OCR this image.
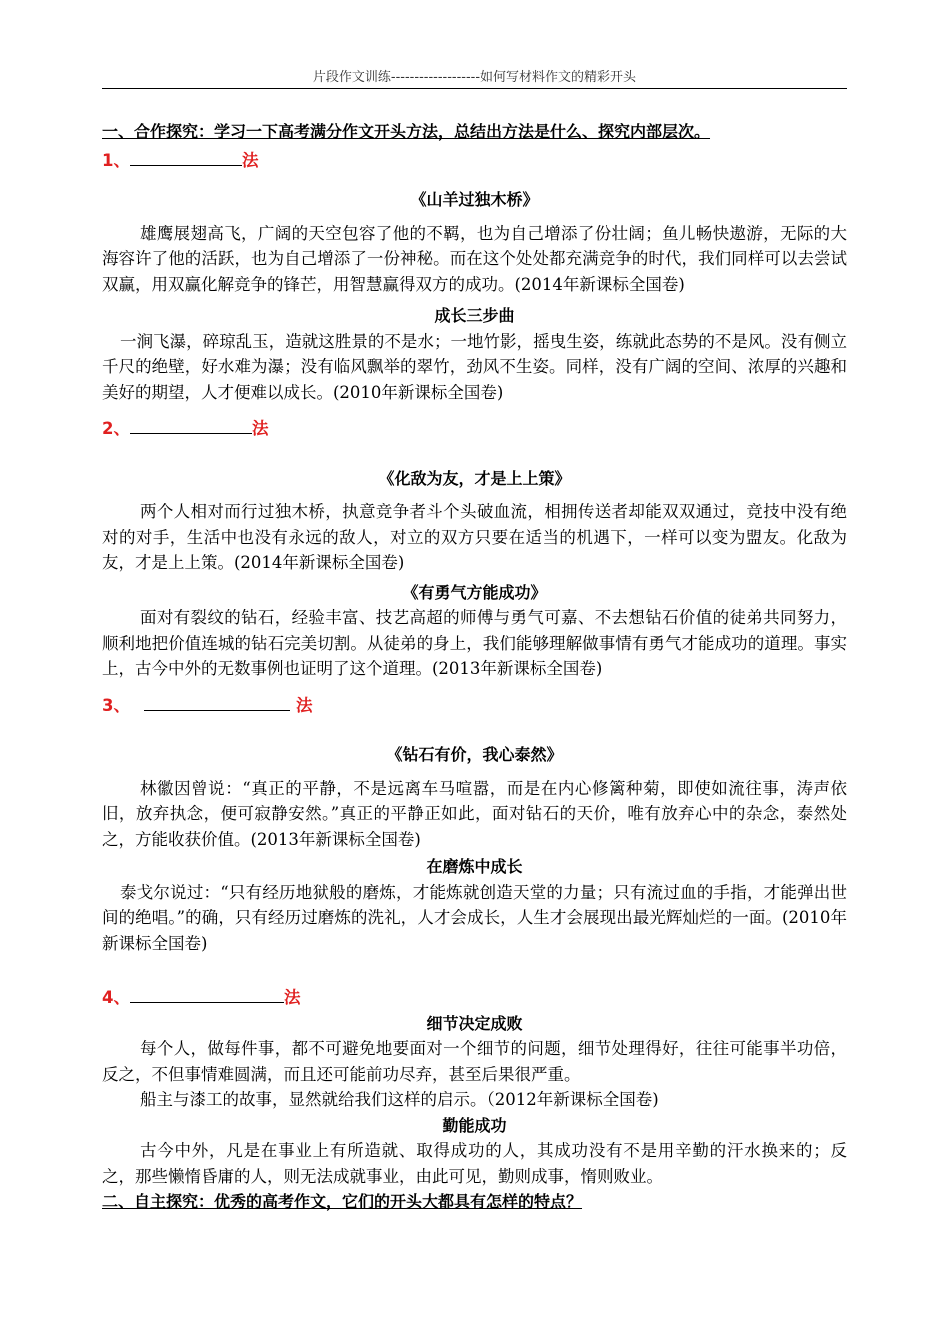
片段作文训练-------------------如何写材料作文的精彩开头
一、合作探究：学习一下高考满分作文开头方法，总结出方法是什么、探究内部层次。
1、	法
《山羊过独木桥》

雄鹰展翅高飞，广阔的天空包容了他的不羁，也为自己增添了份壮阔；鱼儿畅快遨游，无际的大海容许了他的活跃，也为自己增添了一份神秘。而在这个处处都充满竞争的时代，我们同样可以去尝试双赢，用双赢化解竞争的锋芒，用智慧赢得双方的成功。(2014年新课标全国卷)

成长三步曲

一涧飞瀑，碎琼乱玉，造就这胜景的不是水；一地竹影，摇曳生姿，练就此态势的不是风。没有侧立千尺的绝壁，好水难为瀑；没有临风飘举的翠竹，劲风不生姿。同样，没有广阔的空间、浓厚的兴趣和美好的期望，人才便难以成长。(2010年新课标全国卷)

2、	法
《化敌为友，才是上上策》

两个人相对而行过独木桥，执意竞争者斗个头破血流，相拥传送者却能双双通过，竞技中没有绝对的对手，生活中也没有永远的敌人，对立的双方只要在适当的机遇下，一样可以变为盟友。化敌为友，才是上上策。(2014年新课标全国卷)

《有勇气方能成功》

面对有裂纹的钻石，经验丰富、技艺高超的师傅与勇气可嘉、不去想钻石价值的徒弟共同努力，顺利地把价值连城的钻石完美切割。从徒弟的身上，我们能够理解做事情有勇气才能成功的道理。事实上，古今中外的无数事例也证明了这个道理。(2013年新课标全国卷)

3、	法
《钻石有价，我心泰然》

林徽因曾说：“真正的平静，不是远离车马喧嚣，而是在内心修篱种菊，即使如流往事，涛声依旧，放弃执念，便可寂静安然。”真正的平静正如此，面对钻石的天价，唯有放弃心中的杂念，泰然处之，方能收获价值。(2013年新课标全国卷)

在磨炼中成长

泰戈尔说过：“只有经历地狱般的磨炼，才能炼就创造天堂的力量；只有流过血的手指，才能弹出世间的绝唱。”的确，只有经历过磨炼的洗礼，人才会成长，人生才会展现出最光辉灿烂的一面。(2010年新课标全国卷)

4、	法
细节决定成败

每个人，做每件事，都不可避免地要面对一个细节的问题，细节处理得好，往往可能事半功倍，反之，不但事情难圆满，而且还可能前功尽弃，甚至后果很严重。

船主与漆工的故事，显然就给我们这样的启示。（2012年新课标全国卷)

勤能成功

古今中外，凡是在事业上有所造就、取得成功的人，其成功没有不是用辛勤的汗水换来的；反之，那些懒惰昏庸的人，则无法成就事业，由此可见，勤则成事，惰则败业。

二、自主探究：优秀的高考作文，它们的开头大都具有怎样的特点？
